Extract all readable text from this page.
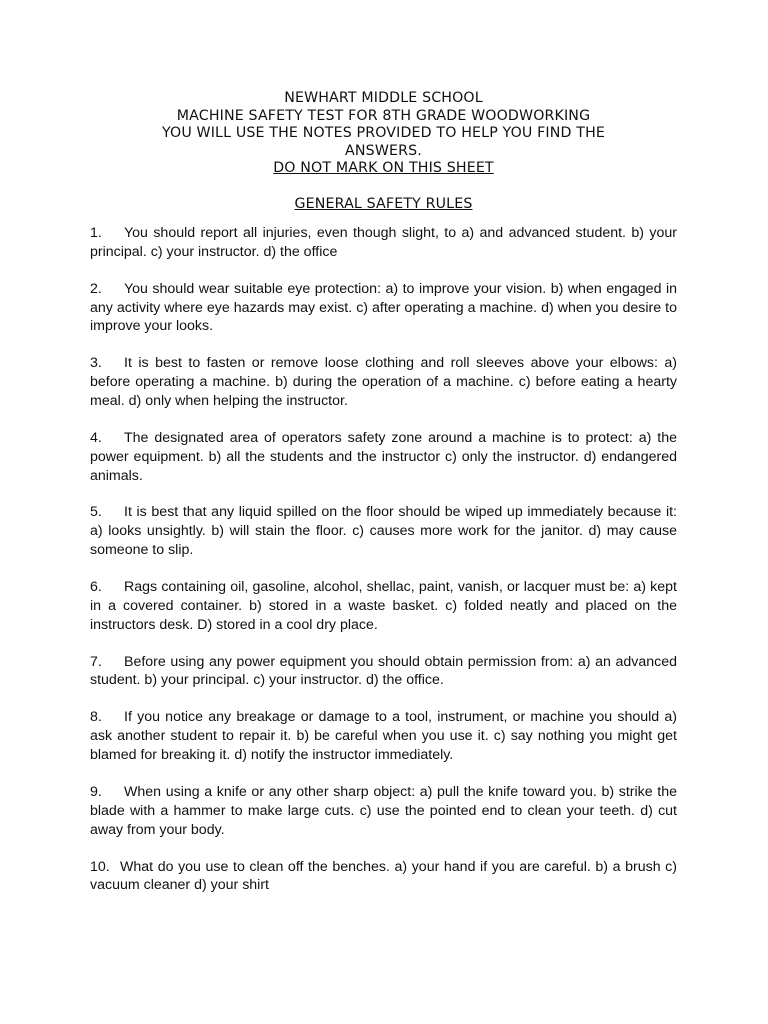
NEWHART MIDDLE SCHOOL
MACHINE SAFETY TEST FOR 8TH GRADE WOODWORKING
YOU WILL USE THE NOTES PROVIDED TO HELP YOU FIND THE
ANSWERS.
DO NOT MARK ON THIS SHEET
GENERAL SAFETY RULES

1. You should report all injuries, even though slight, to a) and advanced student. b) your principal. c) your instructor. d) the office

2. You should wear suitable eye protection: a) to improve your vision. b) when engaged in any activity where eye hazards may exist. c) after operating a machine. d) when you desire to improve your looks.

3. It is best to fasten or remove loose clothing and roll sleeves above your elbows: a) before operating a machine. b) during the operation of a machine. c) before eating a hearty meal. d) only when helping the instructor.

4. The designated area of operators safety zone around a machine is to protect: a) the power equipment. b) all the students and the instructor c) only the instructor. d) endangered animals.

5. It is best that any liquid spilled on the floor should be wiped up immediately because it: a) looks unsightly. b) will stain the floor. c) causes more work for the janitor. d) may cause someone to slip.

6. Rags containing oil, gasoline, alcohol, shellac, paint, vanish, or lacquer must be: a) kept in a covered container. b) stored in a waste basket. c) folded neatly and placed on the instructors desk. D) stored in a cool dry place.

7. Before using any power equipment you should obtain permission from: a) an advanced student. b) your principal. c) your instructor. d) the office.

8. If you notice any breakage or damage to a tool, instrument, or machine you should a) ask another student to repair it. b) be careful when you use it. c) say nothing you might get blamed for breaking it. d) notify the instructor immediately.

9. When using a knife or any other sharp object: a) pull the knife toward you. b) strike the blade with a hammer to make large cuts. c) use the pointed end to clean your teeth. d) cut away from your body.

10. What do you use to clean off the benches. a) your hand if you are careful. b) a brush c) vacuum cleaner d) your shirt
